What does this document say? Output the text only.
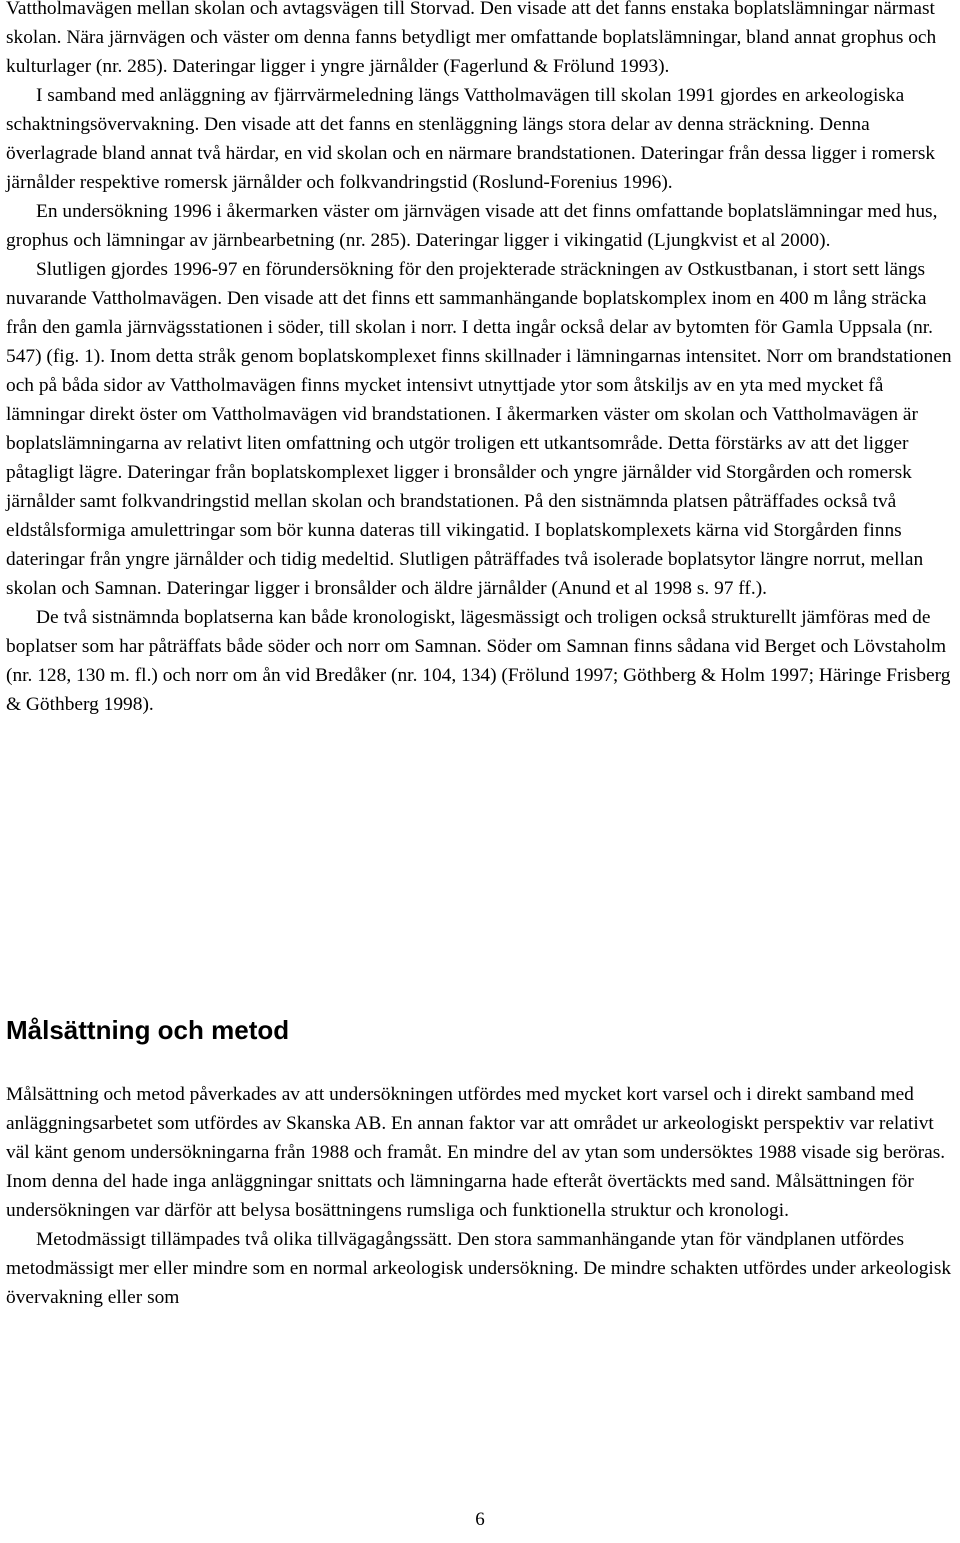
Vattholmavägen mellan skolan och avtagsvägen till Storvad. Den visade att det fanns enstaka boplatslämningar närmast skolan. Nära järnvägen och väster om denna fanns betydligt mer omfattande boplatslämningar, bland annat grophus och kulturlager (nr. 285). Dateringar ligger i yngre järnålder (Fagerlund & Frölund 1993).

I samband med anläggning av fjärrvärmeledning längs Vattholmavägen till skolan 1991 gjordes en arkeologiska schaktningsövervakning. Den visade att det fanns en stenläggning längs stora delar av denna sträckning. Denna överlagrade bland annat två härdar, en vid skolan och en närmare brandstationen. Dateringar från dessa ligger i romersk järnålder respektive romersk järnålder och folkvandringstid (Roslund-Forenius 1996).

En undersökning 1996 i åkermarken väster om järnvägen visade att det finns omfattande boplatslämningar med hus, grophus och lämningar av järnbearbetning (nr. 285). Dateringar ligger i vikingatid (Ljungkvist et al 2000).

Slutligen gjordes 1996-97 en förundersökning för den projekterade sträckningen av Ostkustbanan, i stort sett längs nuvarande Vattholmavägen. Den visade att det finns ett sammanhängande boplatskomplex inom en 400 m lång sträcka från den gamla järnvägsstationen i söder, till skolan i norr. I detta ingår också delar av bytomten för Gamla Uppsala (nr. 547) (fig. 1). Inom detta stråk genom boplatskomplexet finns skillnader i lämningarnas intensitet. Norr om brandstationen och på båda sidor av Vattholmavägen finns mycket intensivt utnyttjade ytor som åtskiljs av en yta med mycket få lämningar direkt öster om Vattholmavägen vid brandstationen. I åkermarken väster om skolan och Vattholmavägen är boplatslämningarna av relativt liten omfattning och utgör troligen ett utkantsområde. Detta förstärks av att det ligger påtagligt lägre. Dateringar från boplatskomplexet ligger i bronsålder och yngre järnålder vid Storgården och romersk järnålder samt folkvandringstid mellan skolan och brandstationen. På den sistnämnda platsen påträffades också två eldstålsformiga amulettringar som bör kunna dateras till vikingatid. I boplatskomplexets kärna vid Storgården finns dateringar från yngre järnålder och tidig medeltid. Slutligen påträffades två isolerade boplatsytor längre norrut, mellan skolan och Samnan. Dateringar ligger i bronsålder och äldre järnålder (Anund et al 1998 s. 97 ff.).

De två sistnämnda boplatserna kan både kronologiskt, lägesmässigt och troligen också strukturellt jämföras med de boplatser som har påträffats både söder och norr om Samnan. Söder om Samnan finns sådana vid Berget och Lövstaholm (nr. 128, 130 m. fl.) och norr om ån vid Bredåker (nr. 104, 134) (Frölund 1997; Göthberg & Holm 1997; Häringe Frisberg & Göthberg 1998).

Målsättning och metod

Målsättning och metod påverkades av att undersökningen utfördes med mycket kort varsel och i direkt samband med anläggningsarbetet som utfördes av Skanska AB. En annan faktor var att området ur arkeologiskt perspektiv var relativt väl känt genom undersökningarna från 1988 och framåt. En mindre del av ytan som undersöktes 1988 visade sig beröras. Inom denna del hade inga anläggningar snittats och lämningarna hade efteråt övertäckts med sand. Målsättningen för undersökningen var därför att belysa bosättningens rumsliga och funktionella struktur och kronologi.

Metodmässigt tillämpades två olika tillvägagångssätt. Den stora sammanhängande ytan för vändplanen utfördes metodmässigt mer eller mindre som en normal arkeologisk undersökning. De mindre schakten utfördes under arkeologisk övervakning eller som

6
